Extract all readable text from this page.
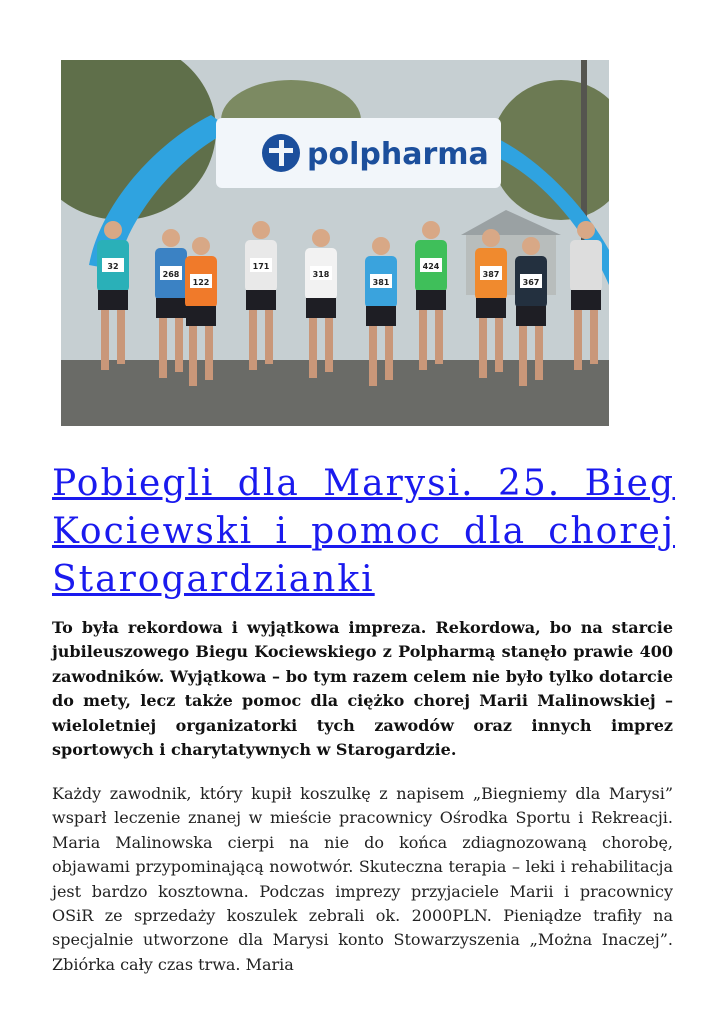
polpharma
32
268
122
171
318
381
424
387
367
Pobiegli dla Marysi. 25. Bieg Kociewski i pomoc dla chorej Starogardzianki

To była rekordowa i wyjątkowa impreza. Rekordowa, bo na starcie jubileuszowego Biegu Kociewskiego z Polpharmą stanęło prawie 400 zawodników. Wyjątkowa – bo tym razem celem nie było tylko dotarcie do mety, lecz także pomoc dla ciężko chorej Marii Malinowskiej – wieloletniej organizatorki tych zawodów oraz innych imprez sportowych i charytatywnych w Starogardzie.

Każdy zawodnik, który kupił koszulkę z napisem „Biegniemy dla Marysi” wsparł leczenie znanej w mieście pracownicy Ośrodka Sportu i Rekreacji. Maria Malinowska cierpi na nie do końca zdiagnozowaną chorobę, objawami przypominającą nowotwór. Skuteczna terapia – leki i rehabilitacja jest bardzo kosztowna. Podczas imprezy przyjaciele Marii i pracownicy OSiR ze sprzedaży koszulek zebrali ok. 2000PLN. Pieniądze trafiły na specjalnie utworzone dla Marysi konto Stowarzyszenia „Można Inaczej”. Zbiórka cały czas trwa. Maria
